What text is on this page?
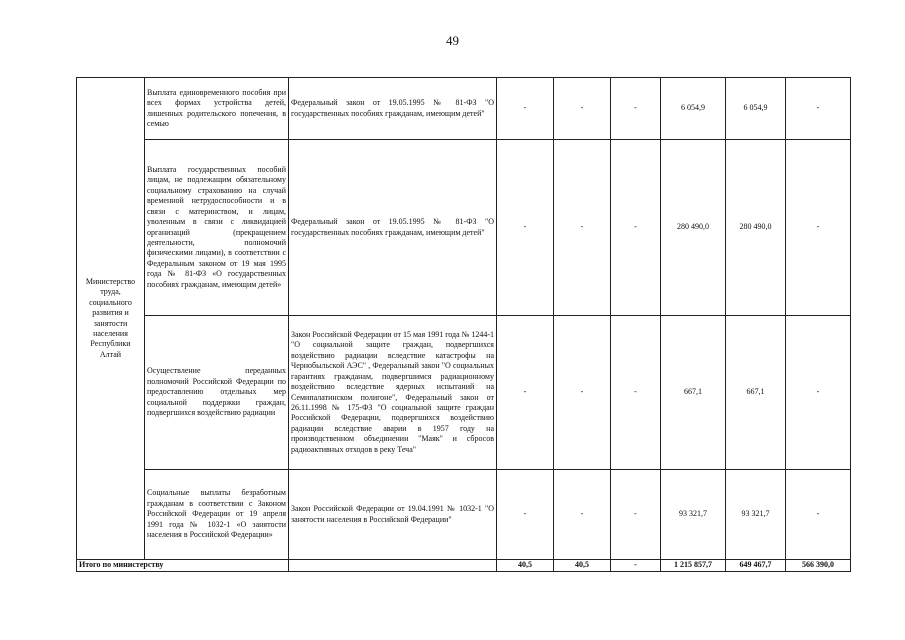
49
Министерство труда, социального развития и занятости населения Республики Алтай	Выплата единовременного пособия при всех формах устройства детей, лишенных родительского попечения, в семью	Федеральный закон от 19.05.1995 № 81-ФЗ "О государственных пособиях гражданам, имеющим детей"	-	-	-	6 054,9	6 054,9	-
	Выплата государственных пособий лицам, не подлежащим обязательному социальному страхованию на случай временной нетрудоспособности и в связи с материнством, и лицам, уволенным в связи с ликвидацией организаций (прекращением деятельности, полномочий физическими лицами), в соответствии с Федеральным законом от 19 мая 1995 года № 81-ФЗ «О государственных пособиях гражданам, имеющим детей»	Федеральный закон от 19.05.1995 № 81-ФЗ "О государственных пособиях гражданам, имеющим детей"	-	-	-	280 490,0	280 490,0	-
	Осуществление переданных полномочий Российской Федерации по предоставлению отдельных мер социальной поддержки граждан, подвергшихся воздействию радиации	Закон Российской Федерации от 15 мая 1991 года № 1244-1 "О социальной защите граждан, подвергшихся воздействию радиации вследствие катастрофы на Чернобыльской АЭС" , Федеральный закон "О социальных гарантиях гражданам, подвергшимся радиационному воздействию вследствие ядерных испытаний на Семипалатинском полигоне", Федеральный закон от 26.11.1998 № 175-ФЗ "О социальной защите граждан Российской Федерации, подвергшихся воздействию радиации вследствие аварии в 1957 году на производственном объединении "Маяк" и сбросов радиоактивных отходов в реку Теча"	-	-	-	667,1	667,1	-
	Социальные выплаты безработным гражданам в соответствии с Законом Российской Федерации от 19 апреля 1991 года № 1032-1 «О занятости населения в Российской Федерации»	Закон Российской Федерации от 19.04.1991 № 1032-1 "О занятости населения в Российской Федерации"	-	-	-	93 321,7	93 321,7	-
Итого по министерству			40,5	40,5	-	1 215 857,7	649 467,7	566 390,0
